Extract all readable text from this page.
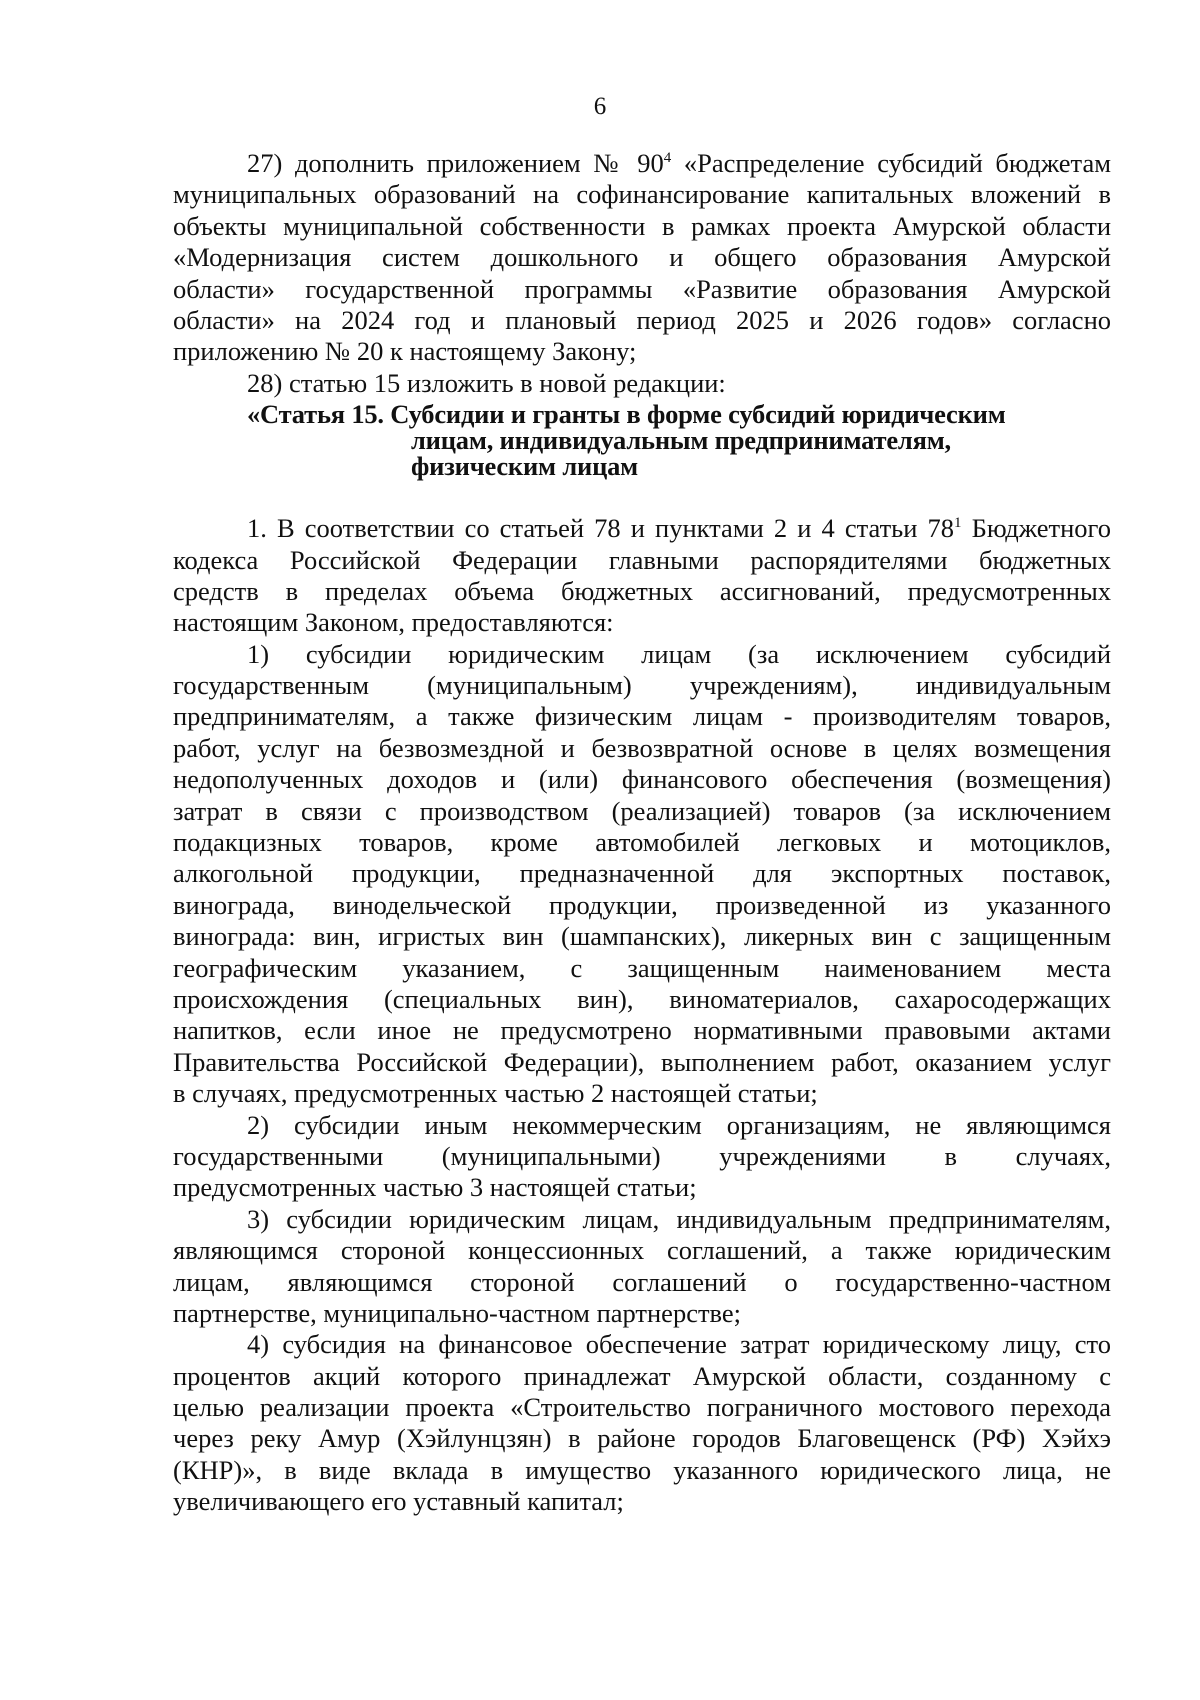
6
27) дополнить приложением № $90^4$ «Распределение субсидий бюджетам
муниципальных образований на софинансирование капитальных вложений в
объекты муниципальной собственности в рамках проекта Амурской области
«Модернизация систем дошкольного и общего образования Амурской
области» государственной программы «Развитие образования Амурской
области» на 2024 год и плановый период 2025 и 2026 годов» согласно
приложению № 20 к настоящему Закону;
28) статью 15 изложить в новой редакции:
«Статья 15. Субсидии и гранты в форме субсидий юридическим
лицам, индивидуальным предпринимателям,
физическим лицам
1. В соответствии со статьей 78 и пунктами 2 и 4 статьи $78^1$ Бюджетного
кодекса Российской Федерации главными распорядителями бюджетных
средств в пределах объема бюджетных ассигнований, предусмотренных
настоящим Законом, предоставляются:
1) субсидии юридическим лицам (за исключением субсидий
государственным (муниципальным) учреждениям), индивидуальным
предпринимателям, а также физическим лицам - производителям товаров,
работ, услуг на безвозмездной и безвозвратной основе в целях возмещения
недополученных доходов и (или) финансового обеспечения (возмещения)
затрат в связи с производством (реализацией) товаров (за исключением
подакцизных товаров, кроме автомобилей легковых и мотоциклов,
алкогольной продукции, предназначенной для экспортных поставок,
винограда, винодельческой продукции, произведенной из указанного
винограда: вин, игристых вин (шампанских), ликерных вин с защищенным
географическим указанием, с защищенным наименованием места
происхождения (специальных вин), виноматериалов, сахаросодержащих
напитков, если иное не предусмотрено нормативными правовыми актами
Правительства Российской Федерации), выполнением работ, оказанием услуг
в случаях, предусмотренных частью 2 настоящей статьи;
2) субсидии иным некоммерческим организациям, не являющимся
государственными (муниципальными) учреждениями в случаях,
предусмотренных частью 3 настоящей статьи;
3) субсидии юридическим лицам, индивидуальным предпринимателям,
являющимся стороной концессионных соглашений, а также юридическим
лицам, являющимся стороной соглашений о государственно-частном
партнерстве, муниципально-частном партнерстве;
4) субсидия на финансовое обеспечение затрат юридическому лицу, сто
процентов акций которого принадлежат Амурской области, созданному с
целью реализации проекта «Строительство пограничного мостового перехода
через реку Амур (Хэйлунцзян) в районе городов Благовещенск (РФ) Хэйхэ
(КНР)», в виде вклада в имущество указанного юридического лица, не
увеличивающего его уставный капитал;
